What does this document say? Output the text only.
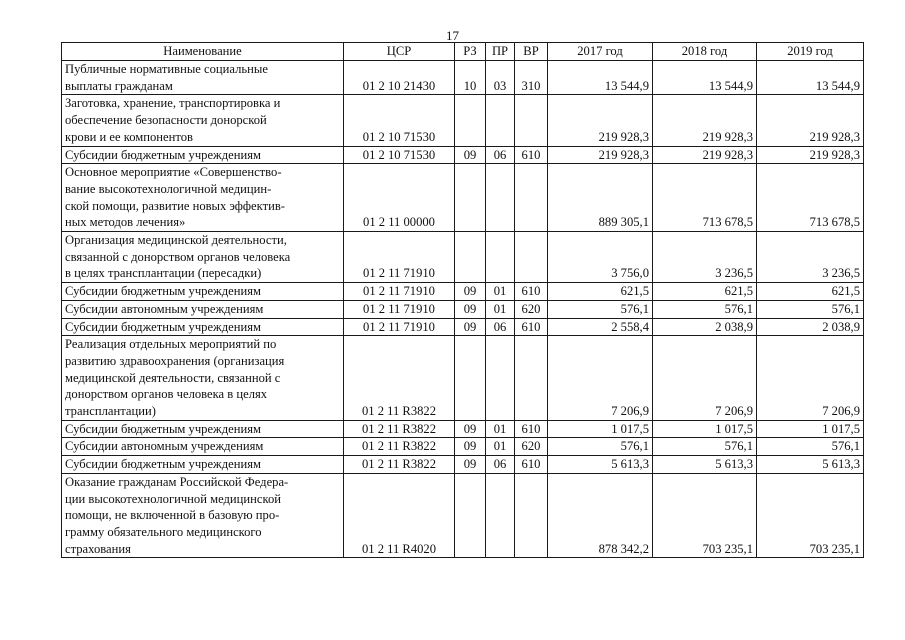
17
Наименование	ЦСР	РЗ	ПР	ВР	2017 год	2018 год	2019 год
Публичные нормативные социальные
выплаты гражданам	01 2 10 21430	10	03	310	13 544,9	13 544,9	13 544,9
Заготовка, хранение, транспортировка и
обеспечение безопасности донорской
крови и ее компонентов	01 2 10 71530				219 928,3	219 928,3	219 928,3
Субсидии бюджетным учреждениям	01 2 10 71530	09	06	610	219 928,3	219 928,3	219 928,3
Основное мероприятие «Совершенство-
вание высокотехнологичной медицин-
ской помощи, развитие новых эффектив-
ных методов лечения»	01 2 11 00000				889 305,1	713 678,5	713 678,5
Организация медицинской деятельности,
связанной с донорством органов человека
в целях трансплантации (пересадки)	01 2 11 71910				3 756,0	3 236,5	3 236,5
Субсидии бюджетным учреждениям	01 2 11 71910	09	01	610	621,5	621,5	621,5
Субсидии автономным учреждениям	01 2 11 71910	09	01	620	576,1	576,1	576,1
Субсидии бюджетным учреждениям	01 2 11 71910	09	06	610	2 558,4	2 038,9	2 038,9
Реализация отдельных мероприятий по
развитию здравоохранения (организация
медицинской деятельности, связанной с
донорством органов человека в целях
трансплантации)	01 2 11 R3822				7 206,9	7 206,9	7 206,9
Субсидии бюджетным учреждениям	01 2 11 R3822	09	01	610	1 017,5	1 017,5	1 017,5
Субсидии автономным учреждениям	01 2 11 R3822	09	01	620	576,1	576,1	576,1
Субсидии бюджетным учреждениям	01 2 11 R3822	09	06	610	5 613,3	5 613,3	5 613,3
Оказание гражданам Российской Федера-
ции высокотехнологичной медицинской
помощи, не включенной в базовую про-
грамму обязательного медицинского
страхования	01 2 11 R4020				878 342,2	703 235,1	703 235,1
